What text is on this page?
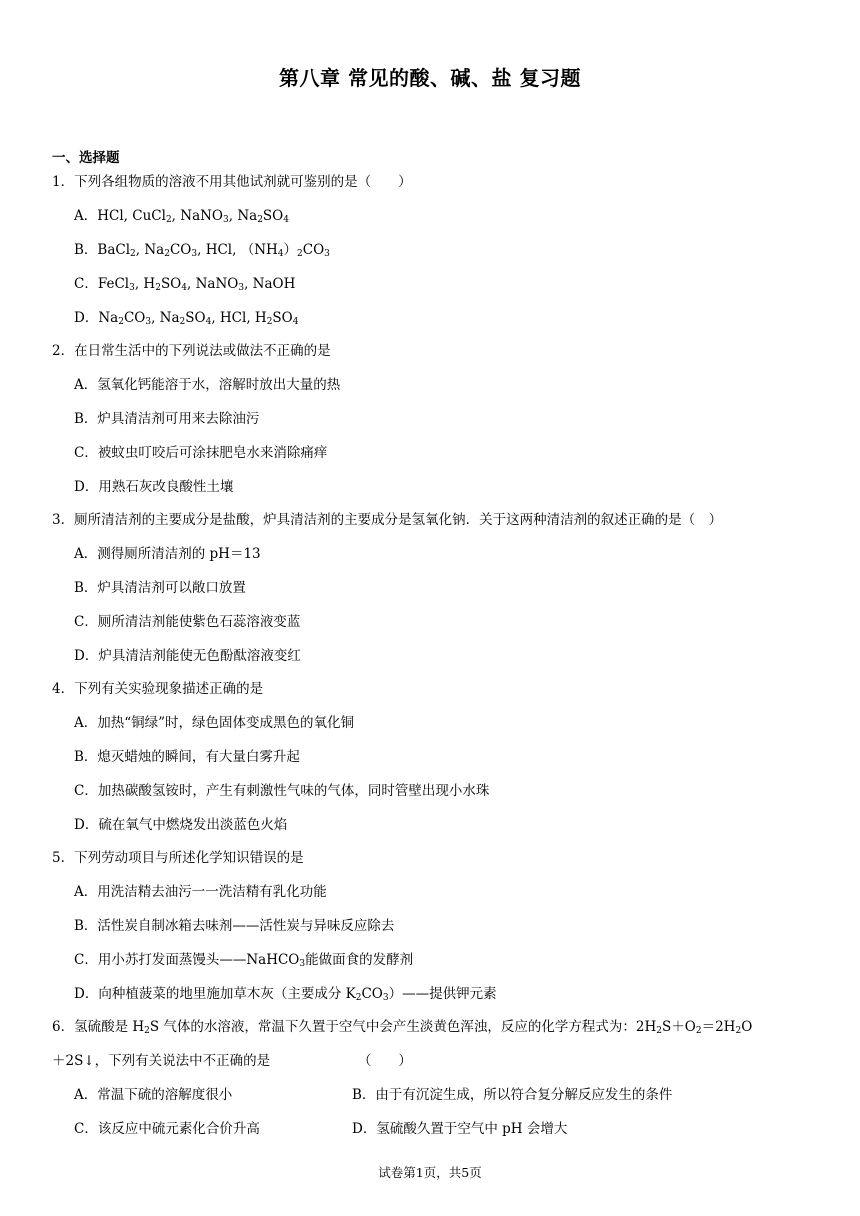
第八章 常见的酸、碱、盐 复习题
一、选择题
1．下列各组物质的溶液不用其他试剂就可鉴别的是（　　）
A．HCl, CuCl$_2$, NaNO$_3$, $Na_2SO_4$
B．BaCl$_2$, $Na_2CO_3$, HCl, $(NH_4)_2CO_3$
C．FeCl$_3$, $H_2SO_4$, NaNO$_3$, NaOH
D．$Na_2CO_3$, $Na_2SO_4$, HCl, $H_2SO_4$
2．在日常生活中的下列说法或做法不正确的是
A．氢氧化钙能溶于水，溶解时放出大量的热
B．炉具清洁剂可用来去除油污
C．被蚊虫叮咬后可涂抹肥皂水来消除痛痒
D．用熟石灰改良酸性土壤
3．厕所清洁剂的主要成分是盐酸，炉具清洁剂的主要成分是氢氧化钠．关于这两种清洁剂的叙述正确的是（　）
A．测得厕所清洁剂的 pH＝13
B．炉具清洁剂可以敞口放置
C．厕所清洁剂能使紫色石蕊溶液变蓝
D．炉具清洁剂能使无色酚酞溶液变红
4．下列有关实验现象描述正确的是
A．加热“铜绿”时，绿色固体变成黑色的氧化铜
B．熄灭蜡烛的瞬间，有大量白雾升起
C．加热碳酸氢铵时，产生有刺激性气味的气体，同时管壁出现小水珠
D．硫在氧气中燃烧发出淡蓝色火焰
5．下列劳动项目与所述化学知识错误的是
A．用洗洁精去油污一一洗洁精有乳化功能
B．活性炭自制冰箱去味剂——活性炭与异味反应除去
C．用小苏打发面蒸馒头——NaHCO$_3$能做面食的发酵剂
D．向种植菠菜的地里施加草木灰（主要成分 $K_2CO_3)——$提供钾元素
6．氢硫酸是 $H_2S$ 气体的水溶液，常温下久置于空气中会产生淡黄色浑浊，反应的化学方程式为：$2H_2S+O_2=2H_2O$
＋2S↓，下列有关说法中不正确的是　　　　　　　（　　）
A．常温下硫的溶解度很小	B．由于有沉淀生成，所以符合复分解反应发生的条件
C．该反应中硫元素化合价升高	D．氢硫酸久置于空气中 pH 会增大
试卷第1页，共5页
